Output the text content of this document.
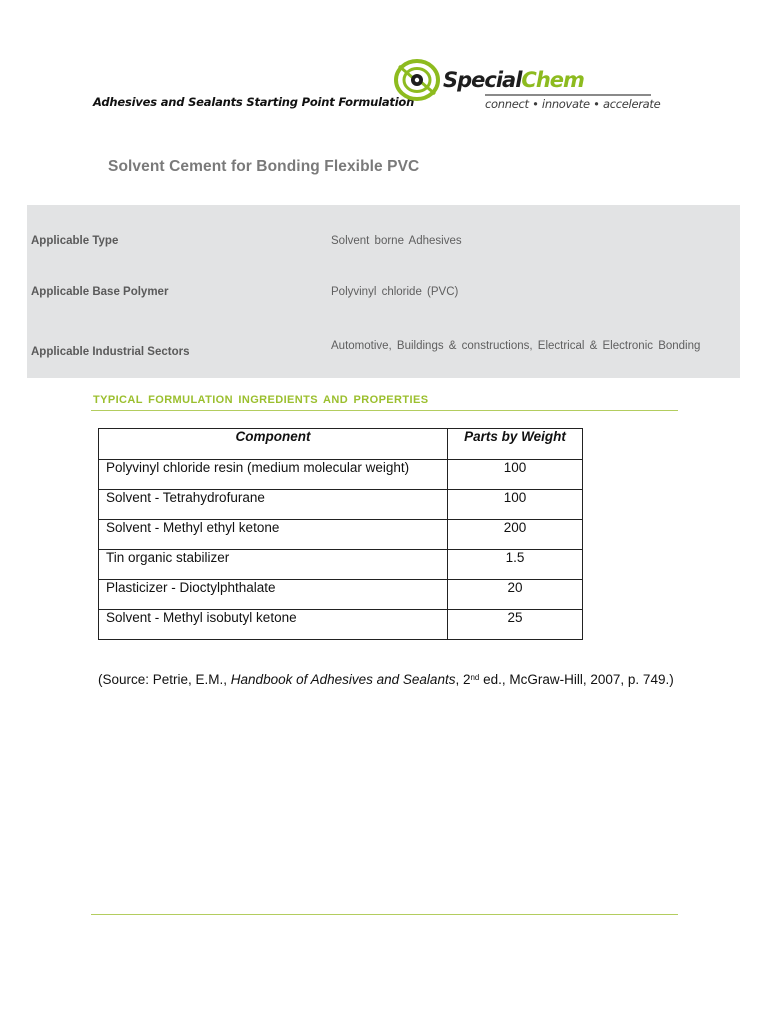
Adhesives and Sealants Starting Point Formulation
SpecialChem
connect • innovate • accelerate
Solvent Cement for Bonding Flexible PVC
Applicable Type	Solvent borne Adhesives
Applicable Base Polymer	Polyvinyl chloride (PVC)
Applicable Industrial Sectors	Automotive, Buildings & constructions, Electrical & Electronic Bonding
TYPICAL FORMULATION INGREDIENTS AND PROPERTIES
Component	Parts by Weight
Polyvinyl chloride resin (medium molecular weight)	100
Solvent - Tetrahydrofurane	100
Solvent - Methyl ethyl ketone	200
Tin organic stabilizer	1.5
Plasticizer - Dioctylphthalate	20
Solvent - Methyl isobutyl ketone	25
(Source: Petrie, E.M., Handbook of Adhesives and Sealants, 2nd ed., McGraw-Hill, 2007, p. 749.)
